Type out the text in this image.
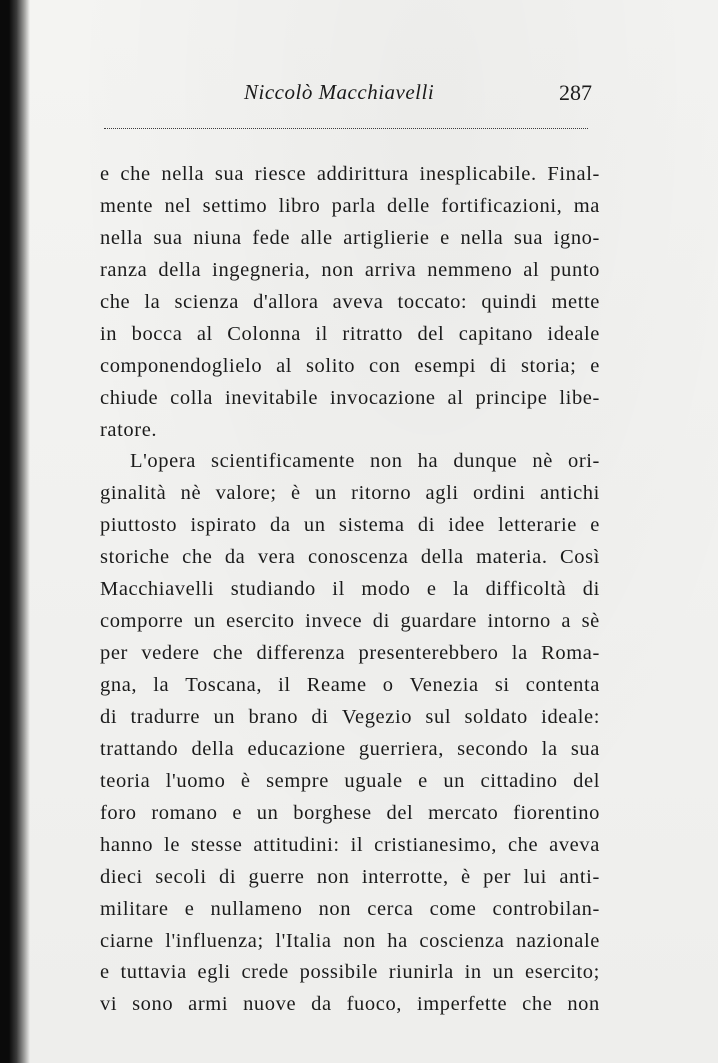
Niccolò Macchiavelli	287
e che nella sua riesce addirittura inesplicabile. Final-
mente nel settimo libro parla delle fortificazioni, ma
nella sua niuna fede alle artiglierie e nella sua igno-
ranza della ingegneria, non arriva nemmeno al punto
che la scienza d'allora aveva toccato: quindi mette
in bocca al Colonna il ritratto del capitano ideale
componendoglielo al solito con esempi di storia; e
chiude colla inevitabile invocazione al principe libe-
ratore.
L'opera scientificamente non ha dunque nè ori-
ginalità nè valore; è un ritorno agli ordini antichi
piuttosto ispirato da un sistema di idee letterarie e
storiche che da vera conoscenza della materia. Così
Macchiavelli studiando il modo e la difficoltà di
comporre un esercito invece di guardare intorno a sè
per vedere che differenza presenterebbero la Roma-
gna, la Toscana, il Reame o Venezia si contenta
di tradurre un brano di Vegezio sul soldato ideale:
trattando della educazione guerriera, secondo la sua
teoria l'uomo è sempre uguale e un cittadino del
foro romano e un borghese del mercato fiorentino
hanno le stesse attitudini: il cristianesimo, che aveva
dieci secoli di guerre non interrotte, è per lui anti-
militare e nullameno non cerca come controbilan-
ciarne l'influenza; l'Italia non ha coscienza nazionale
e tuttavia egli crede possibile riunirla in un esercito;
vi sono armi nuove da fuoco, imperfette che non
